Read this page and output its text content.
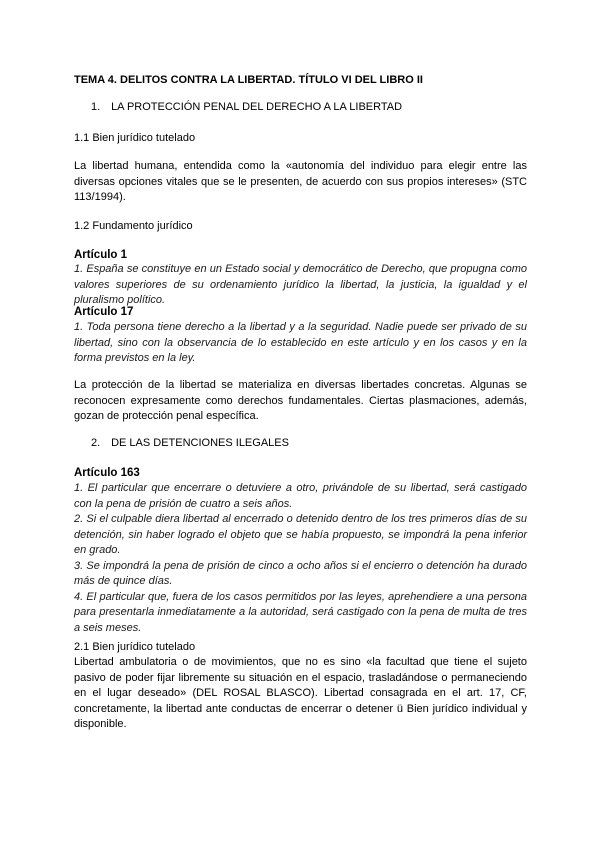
TEMA 4. DELITOS CONTRA LA LIBERTAD. TÍTULO VI DEL LIBRO II
1. LA PROTECCIÓN PENAL DEL DERECHO A LA LIBERTAD
1.1 Bien jurídico tutelado
La libertad humana, entendida como la «autonomía del individuo para elegir entre las
diversas opciones vitales que se le presenten, de acuerdo con sus propios intereses» (STC
113/1994).
1.2 Fundamento jurídico
Artículo 1
1. España se constituye en un Estado social y democrático de Derecho, que propugna como
valores superiores de su ordenamiento jurídico la libertad, la justicia, la igualdad y el
pluralismo político.
Artículo 17
1. Toda persona tiene derecho a la libertad y a la seguridad. Nadie puede ser privado de su
libertad, sino con la observancia de lo establecido en este artículo y en los casos y en la
forma previstos en la ley.
La protección de la libertad se materializa en diversas libertades concretas. Algunas se
reconocen expresamente como derechos fundamentales. Ciertas plasmaciones, además,
gozan de protección penal específica.
2. DE LAS DETENCIONES ILEGALES
Artículo 163
1. El particular que encerrare o detuviere a otro, privándole de su libertad, será castigado
con la pena de prisión de cuatro a seis años.
2. Si el culpable diera libertad al encerrado o detenido dentro de los tres primeros días de su
detención, sin haber logrado el objeto que se había propuesto, se impondrá la pena inferior
en grado.
3. Se impondrá la pena de prisión de cinco a ocho años si el encierro o detención ha durado
más de quince días.
4. El particular que, fuera de los casos permitidos por las leyes, aprehendiere a una persona
para presentarla inmediatamente a la autoridad, será castigado con la pena de multa de tres
a seis meses.
2.1 Bien jurídico tutelado
Libertad ambulatoria o de movimientos, que no es sino «la facultad que tiene el sujeto
pasivo de poder fijar libremente su situación en el espacio, trasladándose o permaneciendo
en el lugar deseado» (DEL ROSAL BLASCO). Libertad consagrada en el art. 17, CF,
concretamente, la libertad ante conductas de encerrar o detener ü Bien jurídico individual y
disponible.
